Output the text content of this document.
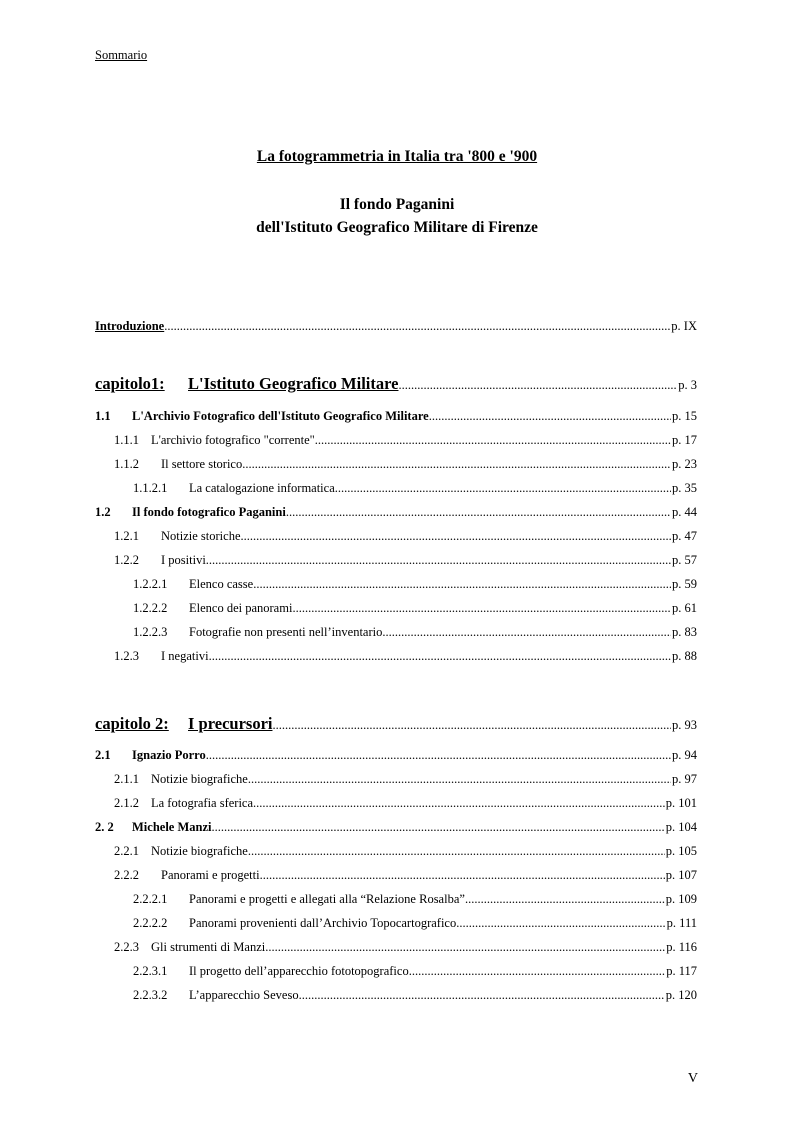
Sommario
La fotogrammetria in Italia tra '800 e '900
Il fondo Paganini
dell'Istituto Geografico Militare di Firenze
Introduzione .....	p. IX
capitolo1:	L'Istituto Geografico Militare .....	p. 3
1.1	L'Archivio Fotografico dell'Istituto Geografico Militare .....	p. 15
1.1.1 L'archivio fotografico "corrente" .....	p. 17
1.1.2	Il settore storico .....	p. 23
1.1.2.1	La catalogazione informatica .....	p. 35
1.2	Il fondo fotografico Paganini .....	p. 44
1.2.1	Notizie storiche .....	p. 47
1.2.2	I positivi .....	p. 57
1.2.2.1	Elenco casse .....	p. 59
1.2.2.2	Elenco dei panorami .....	p. 61
1.2.2.3	Fotografie non presenti nell’inventario .....	p. 83
1.2.3	I negativi .....	p. 88
capitolo 2:	I precursori .....	p. 93
2.1	Ignazio Porro .....	p. 94
2.1.1 Notizie biografiche .....	p. 97
2.1.2 La fotografia sferica .....	p. 101
2. 2	Michele Manzi .....	p. 104
2.2.1 Notizie biografiche .....	p. 105
2.2.2	Panorami e progetti .....	p. 107
2.2.2.1	Panorami e progetti e allegati alla “Relazione Rosalba” .....	p. 109
2.2.2.2	Panorami provenienti dall’Archivio Topocartografico .....	p. 111
2.2.3 Gli strumenti di Manzi .....	p. 116
2.2.3.1	Il progetto dell’apparecchio fototopografico .....	p. 117
2.2.3.2	L’apparecchio Seveso .....	p. 120
V
